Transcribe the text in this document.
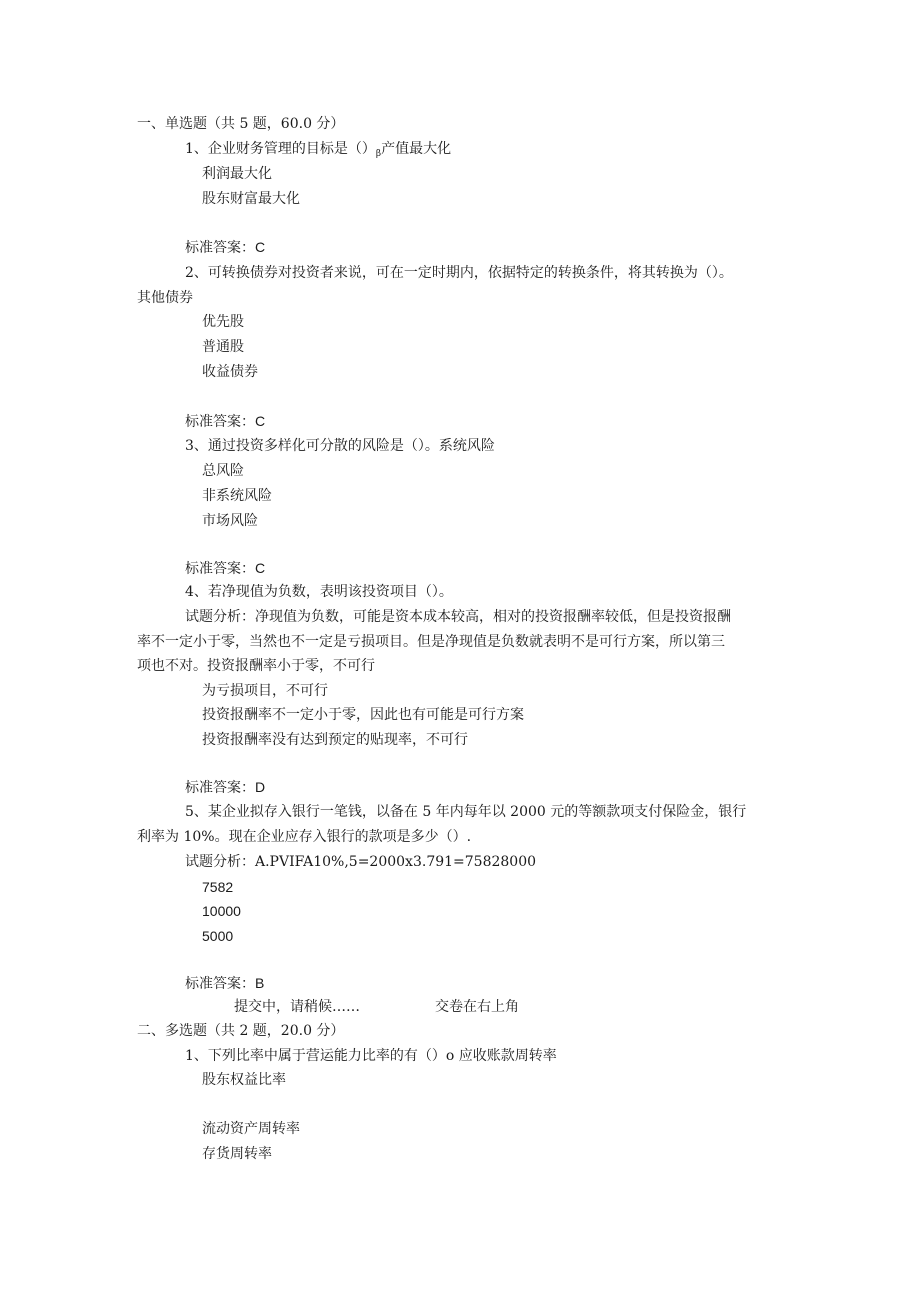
一、单选题（共 5 题，60.0 分）
1、企业财务管理的目标是$()_\beta$产值最大化
利润最大化
股东财富最大化
标准答案：C
2、可转换债券对投资者来说，可在一定时期内，依据特定的转换条件，将其转换为（）。
其他债券
优先股
普通股
收益债券
标准答案：C
3、通过投资多样化可分散的风险是（）。系统风险
总风险
非系统风险
市场风险
标准答案：C
4、若净现值为负数，表明该投资项目（）。
试题分析：净现值为负数，可能是资本成本较高，相对的投资报酬率较低，但是投资报酬
率不一定小于零，当然也不一定是亏损项目。但是净现值是负数就表明不是可行方案，所以第三
项也不对。投资报酬率小于零，不可行
为亏损项目，不可行
投资报酬率不一定小于零，因此也有可能是可行方案
投资报酬率没有达到预定的贴现率，不可行
标准答案：D
5、某企业拟存入银行一笔钱，以备在 5 年内每年以 2000 元的等额款项支付保险金，银行
利率为 10%。现在企业应存入银行的款项是多少（）.
试题分析：A.PVIFA10%,5=2000x3.791=75828000
7582
10000
5000
标准答案：B
提交中，请稍候……	交卷在右上角
二、多选题（共 2 题，20.0 分）
1、下列比率中属于营运能力比率的有（）o 应收账款周转率
股东权益比率
流动资产周转率
存货周转率
